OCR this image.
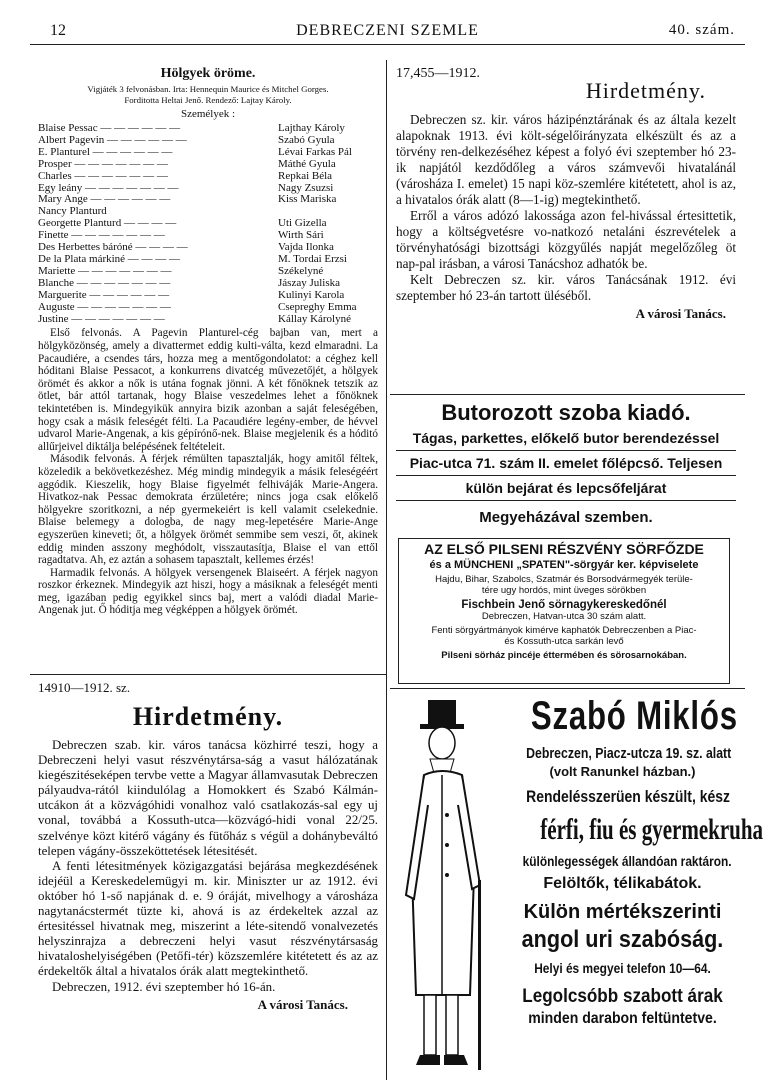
12	DEBRECZENI SZEMLE	40. szám.
Hölgyek öröme.
Vigjáték 3 felvonásban. Irta: Hennequin Maurice és Mitchel Gorges.
Forditotta Heltai Jenő. Rendező: Lajtay Károly.
Személyek :
Blaise Pessac — — — — — —	Lajthay Károly
Albert Pagevin — — — — — —	Szabó Gyula
E. Planturel — — — — — —	Lévai Farkas Pál
Prosper — — — — — — —	Máthé Gyula
Charles — — — — — — —	Repkai Béla
Egy leány — — — — — — —	Nagy Zsuzsi
Mary Ange — — — — — —	Kiss Mariska
Nancy Planturd
Georgette Planturd — — — —	Uti Gizella
Finette — — — — — — —	Wirth Sári
Des Herbettes báróné — — — —	Vajda Ilonka
De la Plata márkiné — — — —	M. Tordai Erzsi
Mariette — — — — — — —	Székelyné
Blanche — — — — — — —	Jászay Juliska
Marguerite — — — — — —	Kulinyi Karola
Auguste — — — — — — —	Csepreghy Emma
Justine — — — — — — —	Kállay Károlyné

Első felvonás. A Pagevin Planturel-cég bajban van, mert a hölgyközönség, amely a divatterme​t eddig kulti-válta, kezd elmaradni. La Pacaudiére, a csendes társ, hozza meg a mentőgondolatot: a céghez kell hóditani Blaise Pessacot, a konkurrens divatcég művezetőjét, a hölgyek örömét és akkor a nők is utána fognak jönni. A két főnöknek tetszik az ötlet, bár attól tartanak, hogy Blaise veszedelmes lehet a főnöknek tekintetében is. Mindegyikük annyira bizik azonban a saját feleségében, hogy csak a másik feleségét félti. La Pacaudiére legény-ember, de hévvel udvarol Marie-Angenak, a kis gépírónő-nek. Blaise megjelenik és a hóditó allűrjeivel diktálja belépésének feltételeit.

Második felvonás. A férjek rémülten tapasztalják, hogy amitől féltek, közeledik a bekövetkezéshez. Még mindig mindegyik a másik feleségéért aggódik. Kieszelik, hogy Blaise figyelmét felhiváják Marie-Angera. Hivatkoz-nak Pessac demokrata érzületére; nincs joga csak előkelő hölgyekre szoritkozni, a nép gyermekeiért is kell valamit cselekednie. Blaise belemegy a dologba, de nagy meg-lepetésére Marie-Ange egyszerüen kineveti; őt, a hölgyek örömét semmibe sem veszi, őt, akinek eddig minden asszony meghódolt, visszautasítja, Blaise el van ettől ragadtatva. Ah, ez aztán a sohasem tapasztalt, kellemes érzés!

Harmadik felvonás. A hölgyek versengenek Blaiseért. A férjek nagyon roszkor érkeznek. Mindegyik azt hiszi, hogy a másiknak a feleségét menti meg, igazában pedig egyikkel sincs baj, mert a valódi diadal Marie-Angenak jut. Ő hóditja meg végképpen a hölgyek örömét.

14910—1912. sz.
Hirdetmény.

Debreczen szab. kir. város tanácsa közhirré teszi, hogy a Debreczeni helyi vasut részvénytársa-ság a vasut hálózatának kiegészitéseképen tervbe vette a Magyar államvasutak Debreczen pályaudva-rától kiindulólag a Homokkert és Szabó Kálmán-utcákon át a közvágóhidi vonalhoz való csatlakozás-sal egy uj vonal, továbbá a Kossuth-utca—közvágó-hidi vonal 22/25. szelvénye közt kitérő vágány és fütőház s végül a dohánybeváltó telepen vágány-összeköttetések létesitését.

A fenti létesitmények közigazgatási bejárása megkezdésének idejéül a Kereskedelemügyi m. kir. Miniszter ur az 1912. évi október hó 1-ső napjának d. e. 9 óráját, mivelhogy a városháza nagytanácstermét tüzte ki, ahová is az érdekeltek azzal az értesitéssel hivatnak meg, miszerint a léte-sitendő vonalvezetés helyszinrajza a debreczeni helyi vasut részvénytársaság hivataloshelyiségében (Petőfi-tér) közszemlére kitétetett és az az érdekeltők által a hivatalos órák alatt megtekinthető.

Debreczen, 1912. évi szeptember hó 16-án.

A városi Tanács.
17,455—1912.
Hirdetmény.

Debreczen sz. kir. város házipénztárának és az általa kezelt alapoknak 1913. évi költ-ségelőirányzata elkészült és az a törvény ren-delkezéséhez képest a folyó évi szeptember hó 23-ik napjától kezdődőleg a város számvevői hivatalánál (városháza I. emelet) 15 napi köz-szemlére kitétetett, ahol is az, a hivatalos órák alatt (8—1-ig) megtekinthető.

Erről a város adózó lakossága azon fel-hivással értesittetik, hogy a költségvetésre vo-natkozó netaláni észrevételek a törvényhatósági bizottsági közgyűlés napját megelőzőleg öt nap-pal irásban, a városi Tanácshoz adhatók be.

Kelt Debreczen sz. kir. város Tanácsának 1912. évi szeptember hó 23-án tartott üléséből.

A városi Tanács.
Butorozott szoba kiadó.
Tágas, parkettes, előkelő butor berendezéssel
Piac-utca 71. szám II. emelet főlépcső. Teljesen
külön bejárat és lepcsőfeljárat
Megyeházával szemben.
AZ ELSŐ PILSENI RÉSZVÉNY SÖRFŐZDE
és a MÜNCHENI „SPATEN"-sörgyár ker. képviselete
Hajdu, Bihar, Szabolcs, Szatmár és Borsodvármegyék terüle-
tére ugy hordós, mint üveges sörökben
Fischbein Jenő sörnagykereskedőnél
Debreczen, Hatvan-utca 30 szám alatt.
Fenti sörgyártmányok kimérve kaphatók Debreczenben a Piac-
és Kossuth-utca sarkán levő
Pilseni sörház pincéje éttermében és sörosarnokában.
Szabó Miklós
Debreczen, Piacz-utcza 19. sz. alatt
(volt Ranunkel házban.)
Rendelésszerüen készült, kész
férfi, fiu és gyermekruha
különlegességek állandóan raktáron.
Felöltők, télikabátok.
Külön mértékszerinti
angol uri szabóság.
Helyi és megyei telefon 10—64.
Legolcsóbb szabott árak
minden darabon feltüntetve.
